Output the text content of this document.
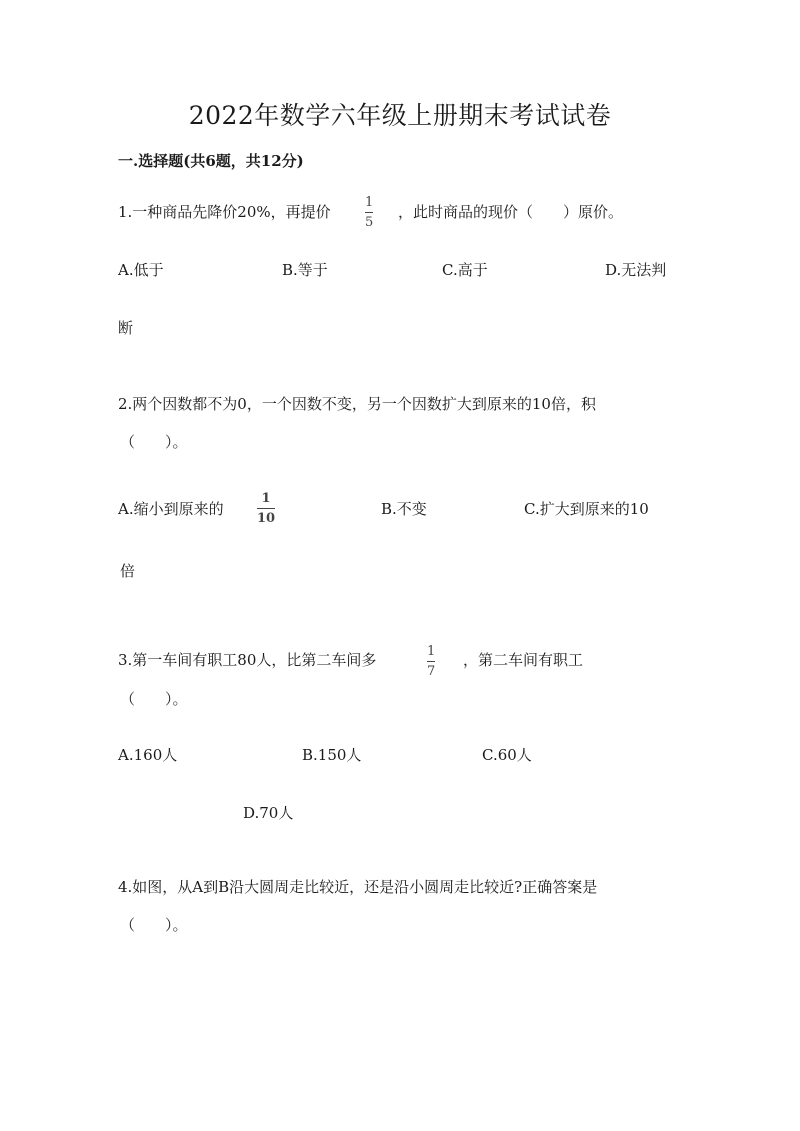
2022年数学六年级上册期末考试试卷
一.选择题(共6题，共12分)
1.一种商品先降价20%，再提价
1
5
，此时商品的现价（　　）原价。
A.低于	B.等于	C.高于	D.无法判
断
2.两个因数都不为0，一个因数不变，另一个因数扩大到原来的10倍，积
（　　）。
A.缩小到原来的
1
10
B.不变	C.扩大到原来的10
倍
3.第一车间有职工80人，比第二车间多	1
7
，第二车间有职工
（　　）。
A.160人	B.150人	C.60人
D.70人
4.如图，从A到B沿大圆周走比较近，还是沿小圆周走比较近?正确答案是
（　　）。
